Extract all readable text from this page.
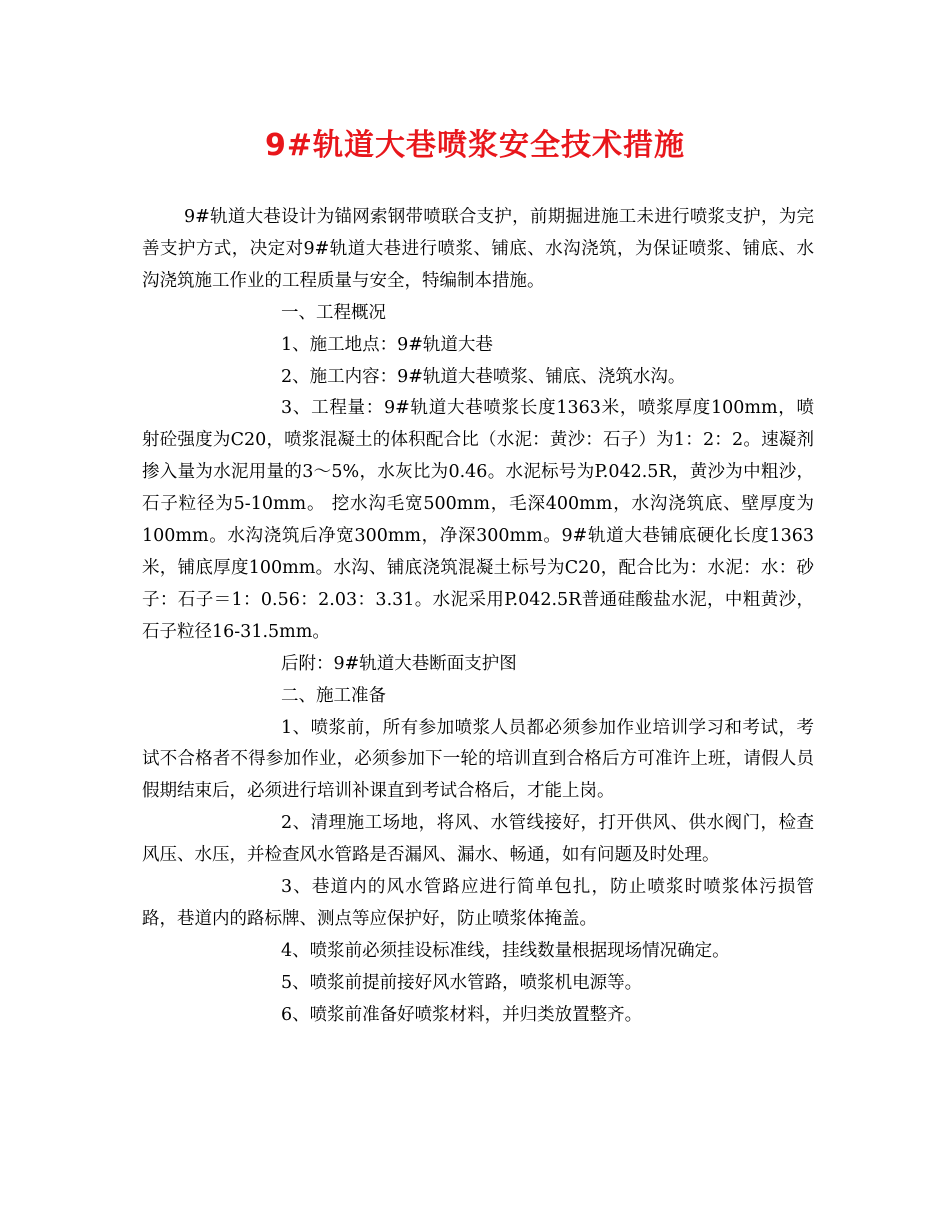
9#轨道大巷喷浆安全技术措施

9#轨道大巷设计为锚网索钢带喷联合支护，前期掘进施工未进行喷浆支护，为完善支护方式，决定对9#轨道大巷进行喷浆、铺底、水沟浇筑，为保证喷浆、铺底、水沟浇筑施工作业的工程质量与安全，特编制本措施。

一、工程概况

1、施工地点：9#轨道大巷

2、施工内容：9#轨道大巷喷浆、铺底、浇筑水沟。

3、工程量：9#轨道大巷喷浆长度1363米，喷浆厚度100mm，喷射砼强度为C20，喷浆混凝土的体积配合比（水泥：黄沙：石子）为1：2：2。速凝剂掺入量为水泥用量的3～5%，水灰比为0.46。水泥标号为P.042.5R，黄沙为中粗沙，石子粒径为5-10mm。 挖水沟毛宽500mm，毛深400mm，水沟浇筑底、壁厚度为100mm。水沟浇筑后净宽300mm，净深300mm。9#轨道大巷铺底硬化长度1363米，铺底厚度100mm。水沟、铺底浇筑混凝土标号为C20，配合比为：水泥：水：砂子：石子＝1：0.56：2.03：3.31。水泥采用P.042.5R普通硅酸盐水泥，中粗黄沙，石子粒径16-31.5mm。

后附：9#轨道大巷断面支护图

二、施工准备

1、喷浆前，所有参加喷浆人员都必须参加作业培训学习和考试，考试不合格者不得参加作业，必须参加下一轮的培训直到合格后方可准许上班，请假人员假期结束后，必须进行培训补课直到考试合格后，才能上岗。

2、清理施工场地，将风、水管线接好，打开供风、供水阀门，检查风压、水压，并检查风水管路是否漏风、漏水、畅通，如有问题及时处理。

3、巷道内的风水管路应进行简单包扎，防止喷浆时喷浆体污损管路，巷道内的路标牌、测点等应保护好，防止喷浆体掩盖。

4、喷浆前必须挂设标准线，挂线数量根据现场情况确定。

5、喷浆前提前接好风水管路，喷浆机电源等。

6、喷浆前准备好喷浆材料，并归类放置整齐。
